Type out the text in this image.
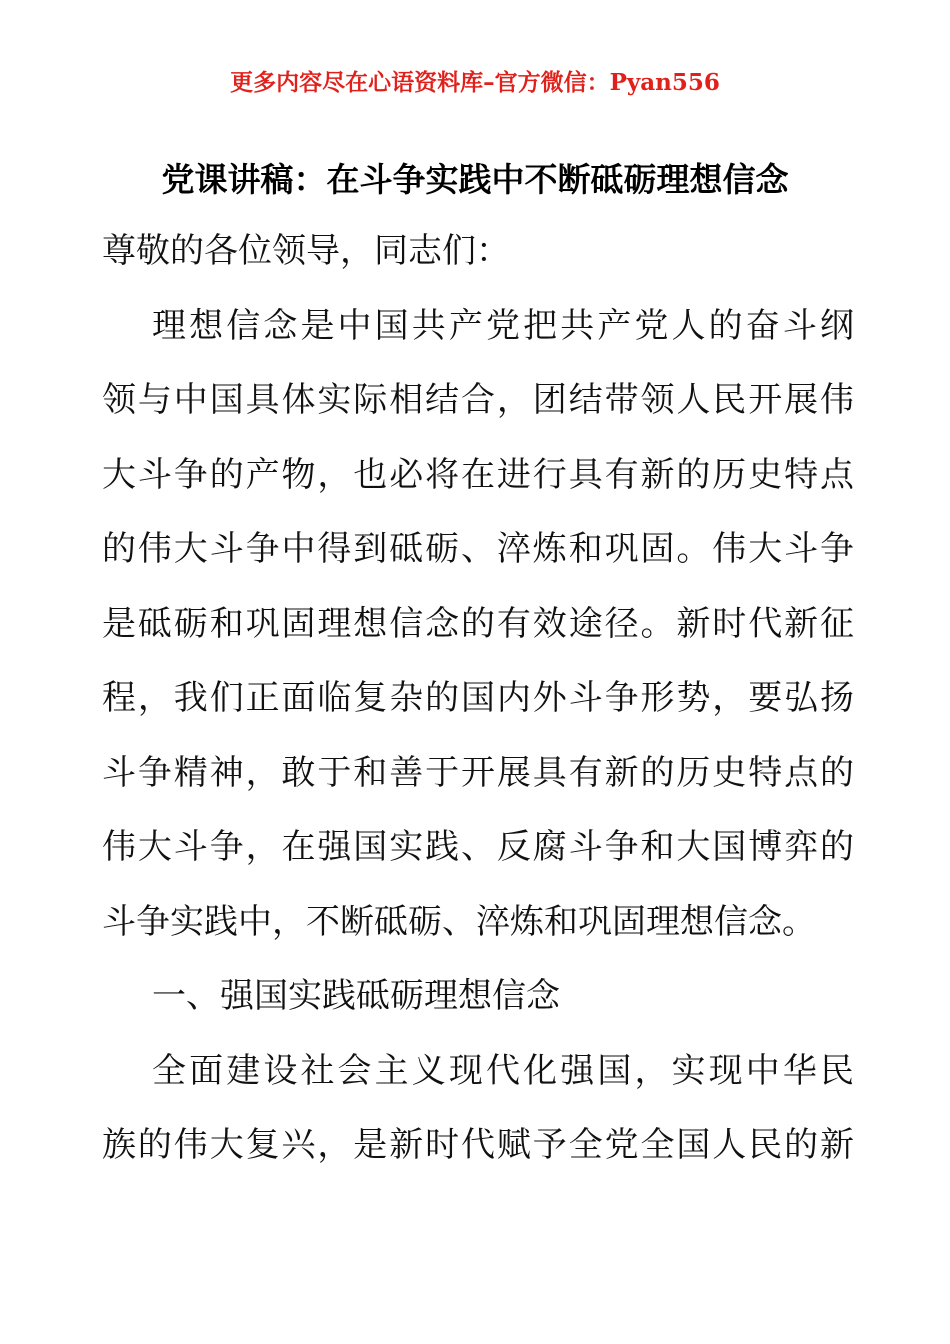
更多内容尽在心语资料库–官方微信：Pyan556
党课讲稿：在斗争实践中不断砥砺理想信念
尊敬的各位领导，同志们：
理想信念是中国共产党把共产党人的奋斗纲
领与中国具体实际相结合，团结带领人民开展伟
大斗争的产物，也必将在进行具有新的历史特点
的伟大斗争中得到砥砺、淬炼和巩固。伟大斗争
是砥砺和巩固理想信念的有效途径。新时代新征
程，我们正面临复杂的国内外斗争形势，要弘扬
斗争精神，敢于和善于开展具有新的历史特点的
伟大斗争，在强国实践、反腐斗争和大国博弈的
斗争实践中，不断砥砺、淬炼和巩固理想信念。
一、强国实践砥砺理想信念
全面建设社会主义现代化强国，实现中华民
族的伟大复兴，是新时代赋予全党全国人民的新
